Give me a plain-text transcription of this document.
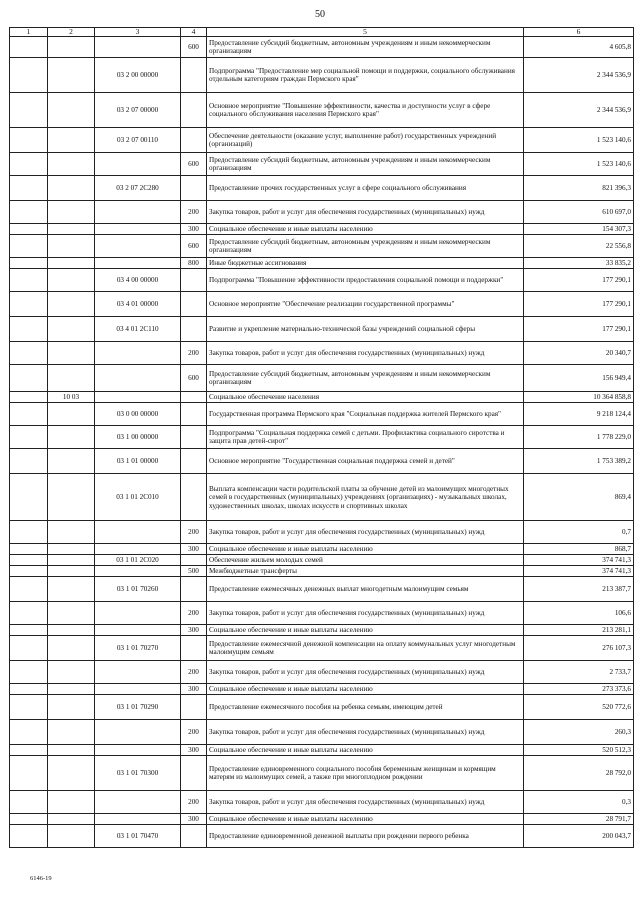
50
1	2	3	4	5	6
			600	Предоставление субсидий бюджетным, автономным учреждениям и иным некоммерческим организациям	4 605,8
		03 2 00 00000		Подпрограмма "Предоставление мер социальной помощи и поддержки, социального обслуживания отдельным категориям граждан Пермского края"	2 344 536,9
		03 2 07 00000		Основное мероприятие "Повышение эффективности, качества и доступности услуг в сфере социального обслуживания населения Пермского края"	2 344 536,9
		03 2 07 00110		Обеспечение деятельности (оказание услуг, выполнение работ) государственных учреждений (организаций)	1 523 140,6
			600	Предоставление субсидий бюджетным, автономным учреждениям и иным некоммерческим организациям	1 523 140,6
		03 2 07 2С280		Предоставление прочих государственных услуг в сфере социального обслуживания	821 396,3
			200	Закупка товаров, работ и услуг для обеспечения государственных (муниципальных) нужд	610 697,0
			300	Социальное обеспечение и иные выплаты населению	154 307,3
			600	Предоставление субсидий бюджетным, автономным учреждениям и иным некоммерческим организациям	22 556,8
			800	Иные бюджетные ассигнования	33 835,2
		03 4 00 00000		Подпрограмма "Повышение эффективности предоставления социальной помощи и поддержки"	177 290,1
		03 4 01 00000		Основное мероприятие "Обеспечение реализации государственной программы"	177 290,1
		03 4 01 2С110		Развитие и укрепление материально-технической базы учреждений социальной сферы	177 290,1
			200	Закупка товаров, работ и услуг для обеспечения государственных (муниципальных) нужд	20 340,7
			600	Предоставление субсидий бюджетным, автономным учреждениям и иным некоммерческим организациям	156 949,4
	10 03			Социальное обеспечение населения	10 364 858,8
		03 0 00 00000		Государственная программа Пермского края "Социальная поддержка жителей Пермского края"	9 218 124,4
		03 1 00 00000		Подпрограмма "Социальная поддержка семей с детьми. Профилактика социального сиротства и защита прав детей-сирот"	1 778 229,0
		03 1 01 00000		Основное мероприятие "Государственная социальная поддержка семей и детей"	1 753 389,2
		03 1 01 2С010		Выплата компенсации части родительской платы за обучение детей из малоимущих многодетных семей в государственных (муниципальных) учреждениях (организациях) - музыкальных школах, художественных школах, школах искусств и спортивных школах	869,4
			200	Закупка товаров, работ и услуг для обеспечения государственных (муниципальных) нужд	0,7
			300	Социальное обеспечение и иные выплаты населению	868,7
		03 1 01 2С020		Обеспечение жильем молодых семей	374 741,3
			500	Межбюджетные трансферты	374 741,3
		03 1 01 70260		Предоставление ежемесячных денежных выплат многодетным малоимущим семьям	213 387,7
			200	Закупка товаров, работ и услуг для обеспечения государственных (муниципальных) нужд	106,6
			300	Социальное обеспечение и иные выплаты населению	213 281,1
		03 1 01 70270		Предоставление ежемесячной денежной компенсации на оплату коммунальных услуг многодетным малоимущим семьям	276 107,3
			200	Закупка товаров, работ и услуг для обеспечения государственных (муниципальных) нужд	2 733,7
			300	Социальное обеспечение и иные выплаты населению	273 373,6
		03 1 01 70290		Предоставление ежемесячного пособия на ребенка семьям, имеющим детей	520 772,6
			200	Закупка товаров, работ и услуг для обеспечения государственных (муниципальных) нужд	260,3
			300	Социальное обеспечение и иные выплаты населению	520 512,3
		03 1 01 70300		Предоставление единовременного социального пособия беременным женщинам и кормящим матерям из малоимущих семей, а также при многоплодном рождении	28 792,0
			200	Закупка товаров, работ и услуг для обеспечения государственных (муниципальных) нужд	0,3
			300	Социальное обеспечение и иные выплаты населению	28 791,7
		03 1 01 70470		Предоставление единовременной денежной выплаты при рождении первого ребенка	200 043,7
6146-19
